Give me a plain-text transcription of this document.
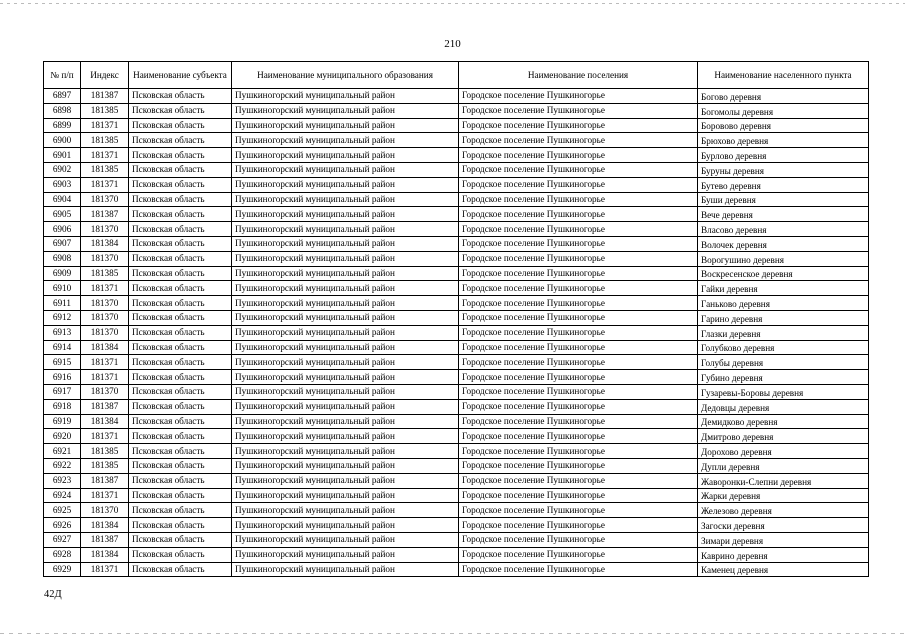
210
№ п/п	Индекс	Наименование субъекта	Наименование муниципального образования	Наименование поселения	Наименование населенного пункта
6897	181387	Псковская область	Пушкиногорский муниципальный район	Городское поселение Пушкиногорье	Богово деревня
6898	181385	Псковская область	Пушкиногорский муниципальный район	Городское поселение Пушкиногорье	Богомолы деревня
6899	181371	Псковская область	Пушкиногорский муниципальный район	Городское поселение Пушкиногорье	Боровово деревня
6900	181385	Псковская область	Пушкиногорский муниципальный район	Городское поселение Пушкиногорье	Брюхово деревня
6901	181371	Псковская область	Пушкиногорский муниципальный район	Городское поселение Пушкиногорье	Бурлово деревня
6902	181385	Псковская область	Пушкиногорский муниципальный район	Городское поселение Пушкиногорье	Буруны деревня
6903	181371	Псковская область	Пушкиногорский муниципальный район	Городское поселение Пушкиногорье	Бутево деревня
6904	181370	Псковская область	Пушкиногорский муниципальный район	Городское поселение Пушкиногорье	Буши деревня
6905	181387	Псковская область	Пушкиногорский муниципальный район	Городское поселение Пушкиногорье	Вече деревня
6906	181370	Псковская область	Пушкиногорский муниципальный район	Городское поселение Пушкиногорье	Власово деревня
6907	181384	Псковская область	Пушкиногорский муниципальный район	Городское поселение Пушкиногорье	Волочек деревня
6908	181370	Псковская область	Пушкиногорский муниципальный район	Городское поселение Пушкиногорье	Ворогушино деревня
6909	181385	Псковская область	Пушкиногорский муниципальный район	Городское поселение Пушкиногорье	Воскресенское деревня
6910	181371	Псковская область	Пушкиногорский муниципальный район	Городское поселение Пушкиногорье	Гайки деревня
6911	181370	Псковская область	Пушкиногорский муниципальный район	Городское поселение Пушкиногорье	Ганьково деревня
6912	181370	Псковская область	Пушкиногорский муниципальный район	Городское поселение Пушкиногорье	Гарино деревня
6913	181370	Псковская область	Пушкиногорский муниципальный район	Городское поселение Пушкиногорье	Глазки деревня
6914	181384	Псковская область	Пушкиногорский муниципальный район	Городское поселение Пушкиногорье	Голубково деревня
6915	181371	Псковская область	Пушкиногорский муниципальный район	Городское поселение Пушкиногорье	Голубы деревня
6916	181371	Псковская область	Пушкиногорский муниципальный район	Городское поселение Пушкиногорье	Губино деревня
6917	181370	Псковская область	Пушкиногорский муниципальный район	Городское поселение Пушкиногорье	Гузаревы-Боровы деревня
6918	181387	Псковская область	Пушкиногорский муниципальный район	Городское поселение Пушкиногорье	Дедовцы деревня
6919	181384	Псковская область	Пушкиногорский муниципальный район	Городское поселение Пушкиногорье	Демидково деревня
6920	181371	Псковская область	Пушкиногорский муниципальный район	Городское поселение Пушкиногорье	Дмитрово деревня
6921	181385	Псковская область	Пушкиногорский муниципальный район	Городское поселение Пушкиногорье	Дорохово деревня
6922	181385	Псковская область	Пушкиногорский муниципальный район	Городское поселение Пушкиногорье	Дупли деревня
6923	181387	Псковская область	Пушкиногорский муниципальный район	Городское поселение Пушкиногорье	Жаворонки-Слепни деревня
6924	181371	Псковская область	Пушкиногорский муниципальный район	Городское поселение Пушкиногорье	Жарки деревня
6925	181370	Псковская область	Пушкиногорский муниципальный район	Городское поселение Пушкиногорье	Железово деревня
6926	181384	Псковская область	Пушкиногорский муниципальный район	Городское поселение Пушкиногорье	Загоски деревня
6927	181387	Псковская область	Пушкиногорский муниципальный район	Городское поселение Пушкиногорье	Зимари деревня
6928	181384	Псковская область	Пушкиногорский муниципальный район	Городское поселение Пушкиногорье	Каврино деревня
6929	181371	Псковская область	Пушкиногорский муниципальный район	Городское поселение Пушкиногорье	Каменец деревня
42Д
